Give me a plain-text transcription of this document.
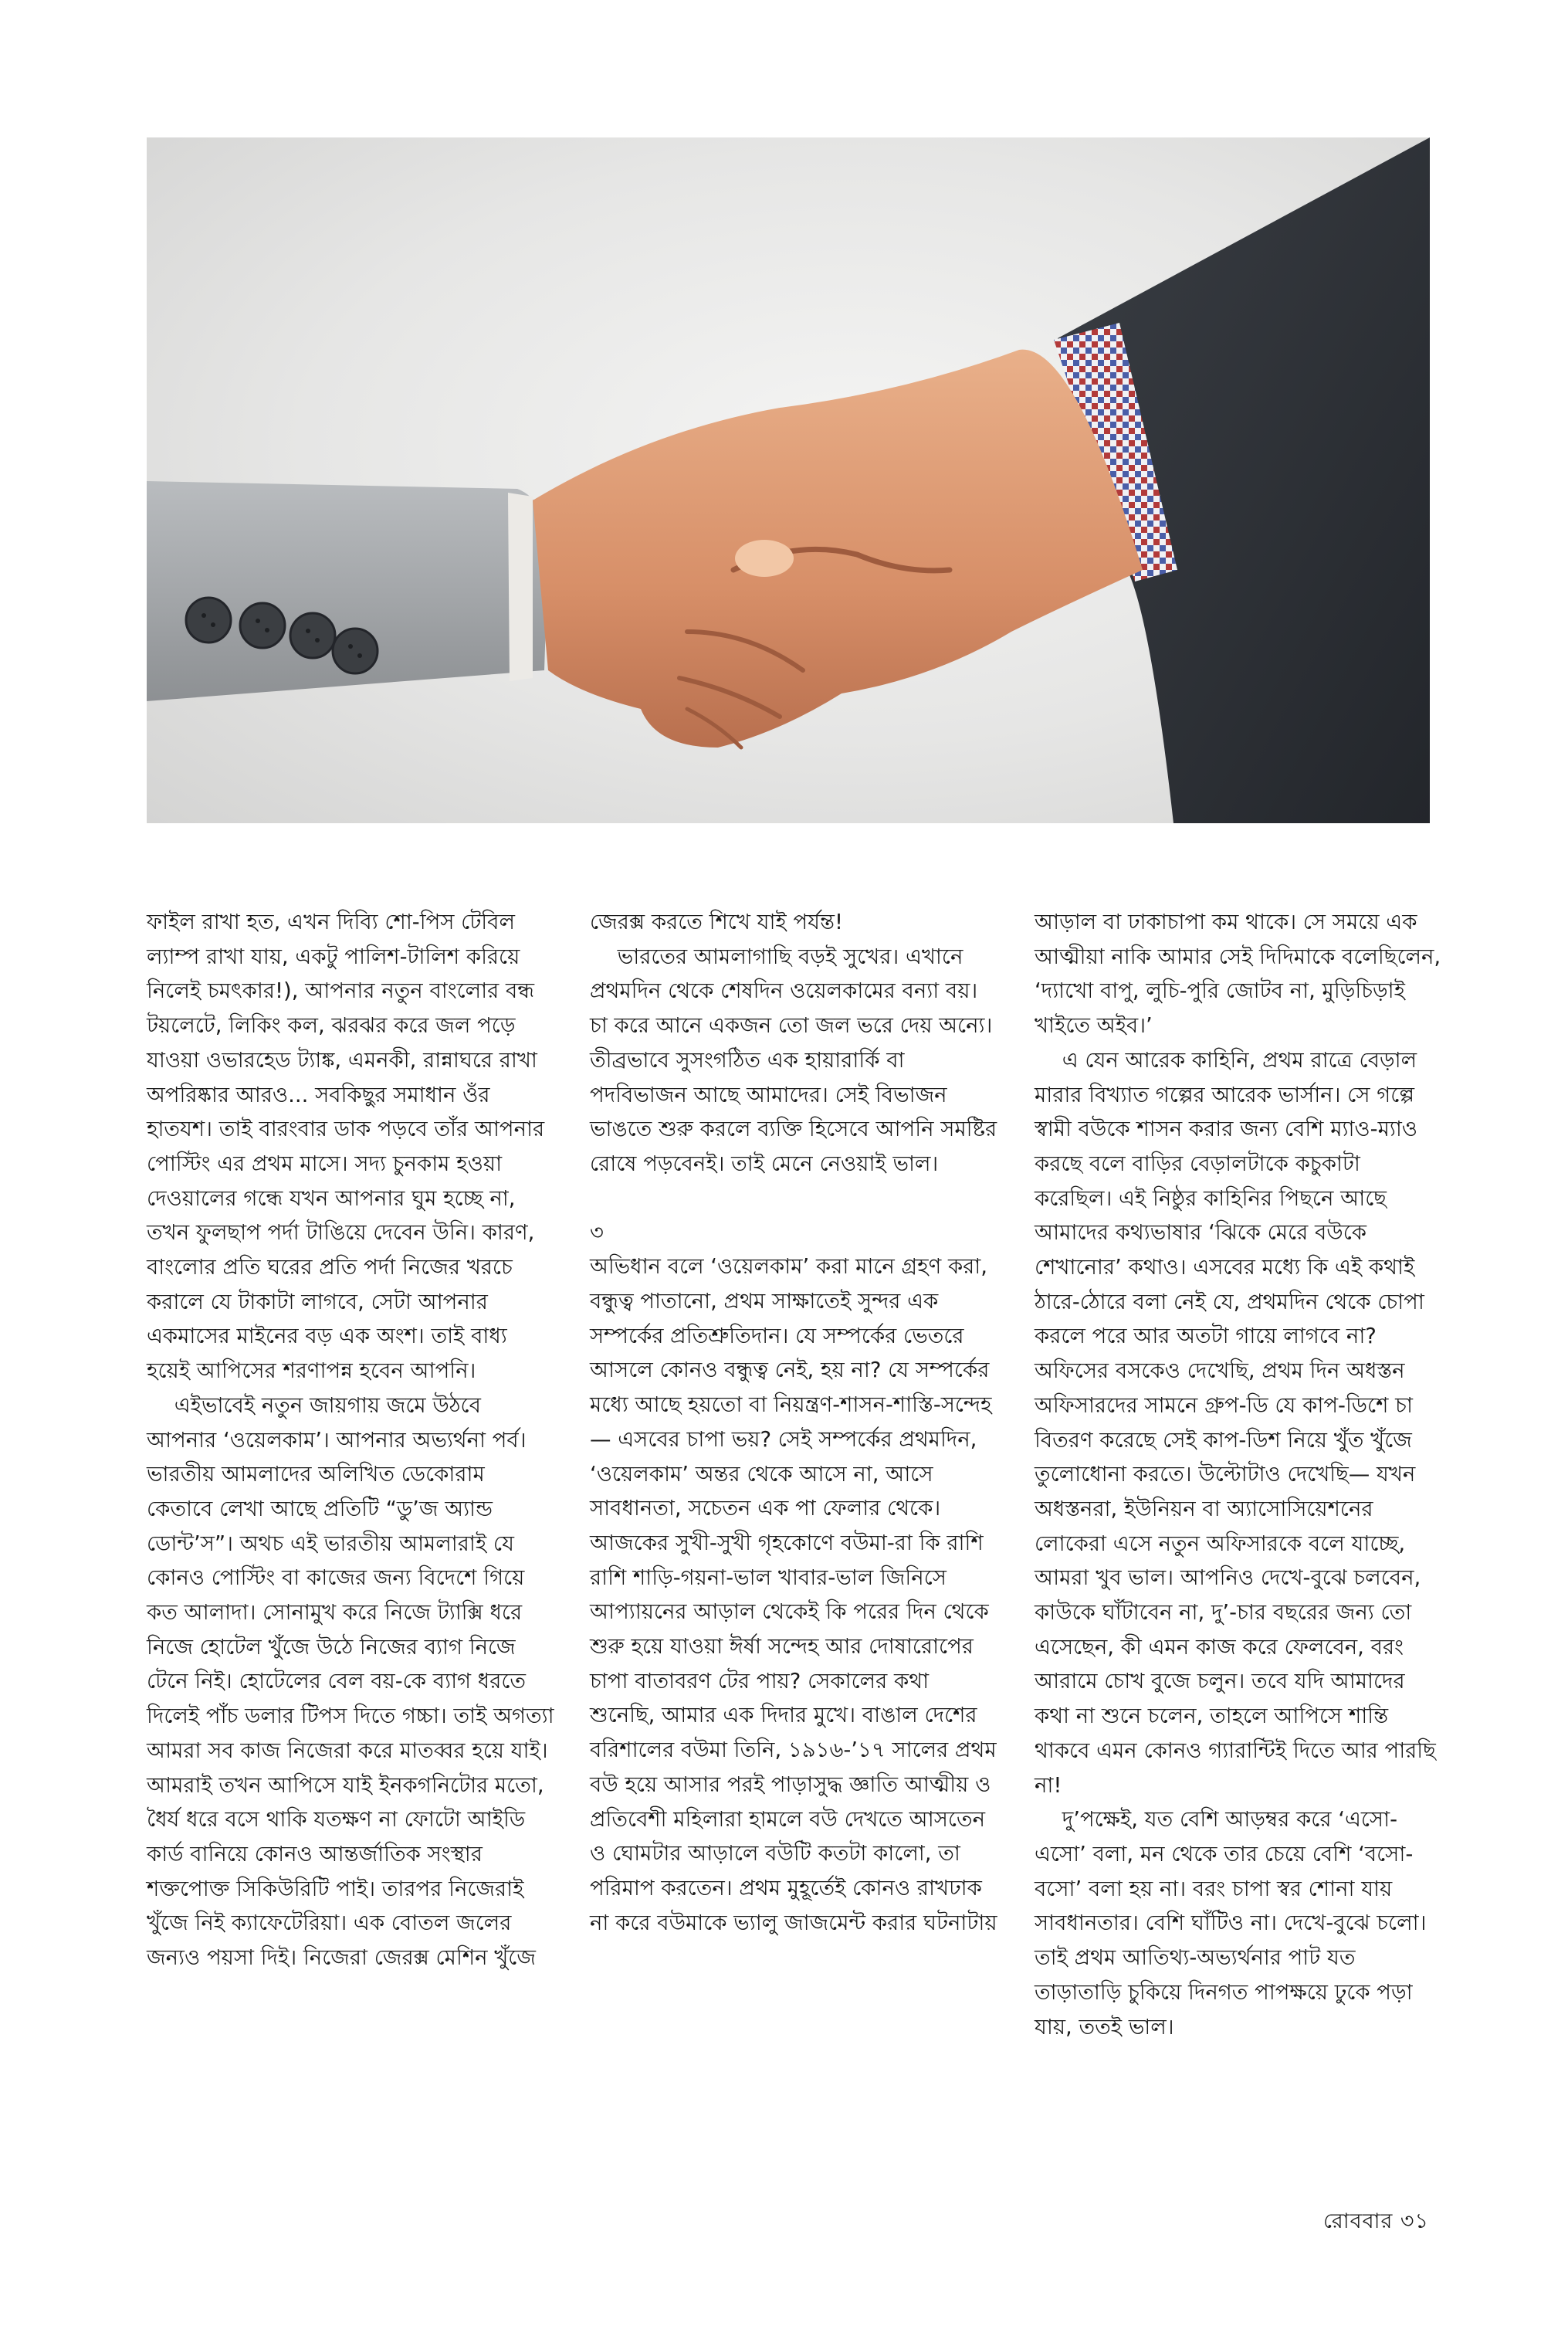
ফাইল রাখা হত, এখন দিব্যি শো-পিস টেবিল ল্যাম্প রাখা যায়, একটু পালিশ-টালিশ করিয়ে নিলেই চমৎকার!), আপনার নতুন বাংলোর বন্ধ টয়লেটে, লিকিং কল, ঝরঝর করে জল পড়ে যাওয়া ওভারহেড ট্যাঙ্ক, এমনকী, রান্নাঘরে রাখা অপরিষ্কার আরও... সবকিছুর সমাধান ওঁর হাতযশ। তাই বারংবার ডাক পড়বে তাঁর আপনার পোস্টিং এর প্রথম মাসে। সদ্য চুনকাম হওয়া দেওয়ালের গন্ধে যখন আপনার ঘুম হচ্ছে না, তখন ফুলছাপ পর্দা টাঙিয়ে দেবেন উনি। কারণ, বাংলোর প্রতি ঘরের প্রতি পর্দা নিজের খরচে করালে যে টাকাটা লাগবে, সেটা আপনার একমাসের মাইনের বড় এক অংশ। তাই বাধ্য হয়েই আপিসের শরণাপন্ন হবেন আপনি।

এইভাবেই নতুন জায়গায় জমে উঠবে আপনার ‘ওয়েলকাম’। আপনার অভ্যর্থনা পর্ব। ভারতীয় আমলাদের অলিখিত ডেকোরাম কেতাবে লেখা আছে প্রতিটি “ডু’জ অ্যান্ড ডোন্ট’স”। অথচ এই ভারতীয় আমলারাই যে কোনও পোস্টিং বা কাজের জন্য বিদেশে গিয়ে কত আলাদা। সোনামুখ করে নিজে ট্যাক্সি ধরে নিজে হোটেল খুঁজে উঠে নিজের ব্যাগ নিজে টেনে নিই। হোটেলের বেল বয়-কে ব্যাগ ধরতে দিলেই পাঁচ ডলার টিপস দিতে গচ্চা। তাই অগত্যা আমরা সব কাজ নিজেরা করে মাতব্বর হয়ে যাই। আমরাই তখন আপিসে যাই ইনকগনিটোর মতো, ধৈর্য ধরে বসে থাকি যতক্ষণ না ফোটো আইডি কার্ড বানিয়ে কোনও আন্তর্জাতিক সংস্থার শক্তপোক্ত সিকিউরিটি পাই। তারপর নিজেরাই খুঁজে নিই ক্যাফেটেরিয়া। এক বোতল জলের জন্যও পয়সা দিই। নিজেরা জেরক্স মেশিন খুঁজে

জেরক্স করতে শিখে যাই পর্যন্ত!

ভারতের আমলাগাছি বড়ই সুখের। এখানে প্রথমদিন থেকে শেষদিন ওয়েলকামের বন্যা বয়। চা করে আনে একজন তো জল ভরে দেয় অন্যে। তীব্রভাবে সুসংগঠিত এক হায়ারার্কি বা পদবিভাজন আছে আমাদের। সেই বিভাজন ভাঙতে শুরু করলে ব্যক্তি হিসেবে আপনি সমষ্টির রোষে পড়বেনই। তাই মেনে নেওয়াই ভাল।

৩

অভিধান বলে ‘ওয়েলকাম’ করা মানে গ্রহণ করা, বন্ধুত্ব পাতানো, প্রথম সাক্ষাতেই সুন্দর এক সম্পর্কের প্রতিশ্রুতিদান। যে সম্পর্কের ভেতরে আসলে কোনও বন্ধুত্ব নেই, হয় না? যে সম্পর্কের মধ্যে আছে হয়তো বা নিয়ন্ত্রণ-শাসন-শাস্তি-সন্দেহ— এসবের চাপা ভয়? সেই সম্পর্কের প্রথমদিন, ‘ওয়েলকাম’ অন্তর থেকে আসে না, আসে সাবধানতা, সচেতন এক পা ফেলার থেকে। আজকের সুখী-সুখী গৃহকোণে বউমা-রা কি রাশি রাশি শাড়ি-গয়না-ভাল খাবার-ভাল জিনিসে আপ্যায়নের আড়াল থেকেই কি পরের দিন থেকে শুরু হয়ে যাওয়া ঈর্ষা সন্দেহ আর দোষারোপের চাপা বাতাবরণ টের পায়? সেকালের কথা শুনেছি, আমার এক দিদার মুখে। বাঙাল দেশের বরিশালের বউমা তিনি, ১৯১৬-’১৭ সালের প্রথম বউ হয়ে আসার পরই পাড়াসুদ্ধ জ্ঞাতি আত্মীয় ও প্রতিবেশী মহিলারা হামলে বউ দেখতে আসতেন ও ঘোমটার আড়ালে বউটি কতটা কালো, তা পরিমাপ করতেন। প্রথম মুহূর্তেই কোনও রাখঢাক না করে বউমাকে ভ্যালু জাজমেন্ট করার ঘটনাটায়

আড়াল বা ঢাকাচাপা কম থাকে। সে সময়ে এক আত্মীয়া নাকি আমার সেই দিদিমাকে বলেছিলেন, ‘দ্যাখো বাপু, লুচি-পুরি জোটব না, মুড়িচিড়াই খাইতে অইব।’

এ যেন আরেক কাহিনি, প্রথম রাত্রে বেড়াল মারার বিখ্যাত গল্পের আরেক ভার্সান। সে গল্পে স্বামী বউকে শাসন করার জন্য বেশি ম্যাও-ম্যাও করছে বলে বাড়ির বেড়ালটাকে কচুকাটা করেছিল। এই নিষ্ঠুর কাহিনির পিছনে আছে আমাদের কথ্যভাষার ‘ঝিকে মেরে বউকে শেখানোর’ কথাও। এসবের মধ্যে কি এই কথাই ঠারে-ঠোরে বলা নেই যে, প্রথমদিন থেকে চোপা করলে পরে আর অতটা গায়ে লাগবে না? অফিসের বসকেও দেখেছি, প্রথম দিন অধস্তন অফিসারদের সামনে গ্রুপ-ডি যে কাপ-ডিশে চা বিতরণ করেছে সেই কাপ-ডিশ নিয়ে খুঁত খুঁজে তুলোধোনা করতে। উল্টোটাও দেখেছি— যখন অধস্তনরা, ইউনিয়ন বা অ্যাসোসিয়েশনের লোকেরা এসে নতুন অফিসারকে বলে যাচ্ছে, আমরা খুব ভাল। আপনিও দেখে-বুঝে চলবেন, কাউকে ঘাঁটাবেন না, দু’-চার বছরের জন্য তো এসেছেন, কী এমন কাজ করে ফেলবেন, বরং আরামে চোখ বুজে চলুন। তবে যদি আমাদের কথা না শুনে চলেন, তাহলে আপিসে শান্তি থাকবে এমন কোনও গ্যারান্টিই দিতে আর পারছি না!

দু’পক্ষেই, যত বেশি আড়ম্বর করে ‘এসো-এসো’ বলা, মন থেকে তার চেয়ে বেশি ‘বসো-বসো’ বলা হয় না। বরং চাপা স্বর শোনা যায় সাবধানতার। বেশি ঘাঁটিও না। দেখে-বুঝে চলো। তাই প্রথম আতিথ্য-অভ্যর্থনার পাট যত তাড়াতাড়ি চুকিয়ে দিনগত পাপক্ষয়ে ঢুকে পড়া যায়, ততই ভাল।

রোববার ৩১
